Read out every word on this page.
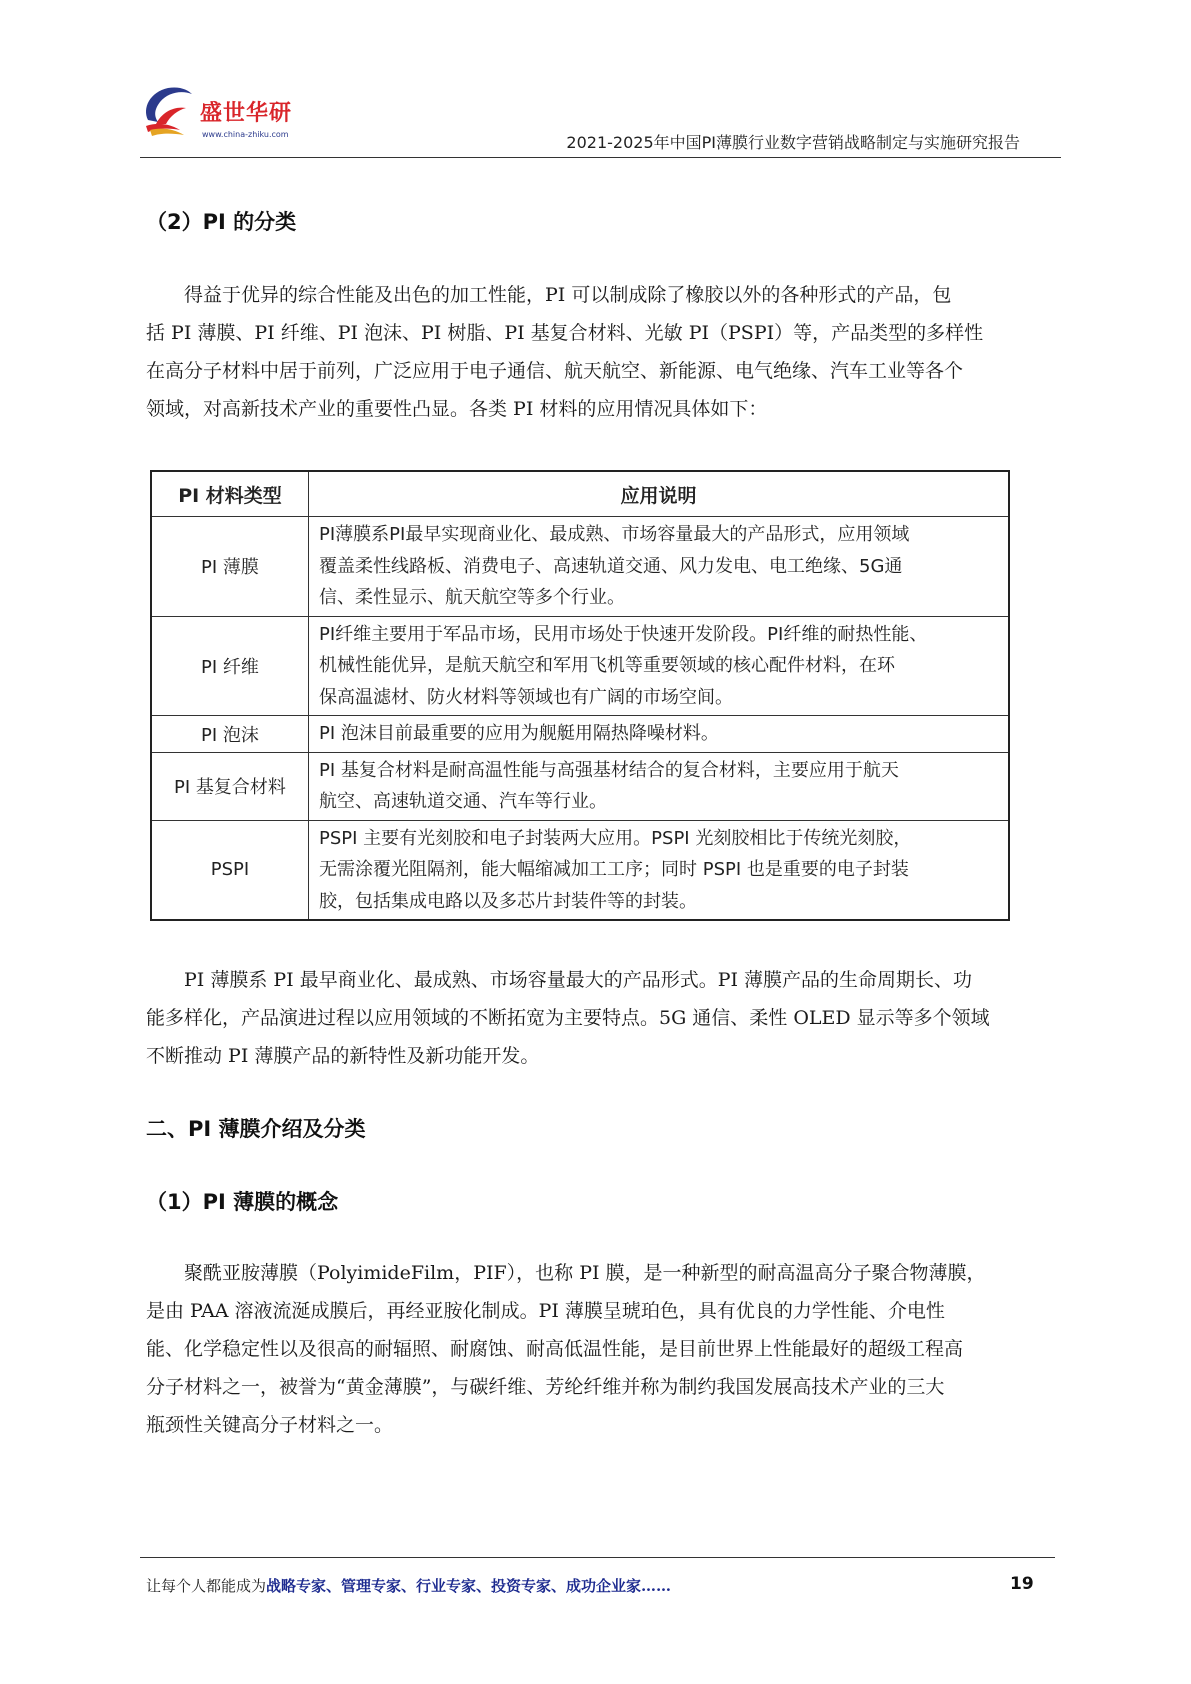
盛世华研
www.china-zhiku.com	2021-2025年中国PI薄膜行业数字营销战略制定与实施研究报告
（2）PI 的分类
得益于优异的综合性能及出色的加工性能，PI 可以制成除了橡胶以外的各种形式的产品，包
括 PI 薄膜、PI 纤维、PI 泡沫、PI 树脂、PI 基复合材料、光敏 PI（PSPI）等，产品类型的多样性
在高分子材料中居于前列，广泛应用于电子通信、航天航空、新能源、电气绝缘、汽车工业等各个
领域，对高新技术产业的重要性凸显。各类 PI 材料的应用情况具体如下：
PI 材料类型	应用说明
PI 薄膜	PI薄膜系PI最早实现商业化、最成熟、市场容量最大的产品形式，应用领域
覆盖柔性线路板、消费电子、高速轨道交通、风力发电、电工绝缘、5G通
信、柔性显示、航天航空等多个行业。

PI 纤维	PI纤维主要用于军品市场，民用市场处于快速开发阶段。PI纤维的耐热性能、
机械性能优异，是航天航空和军用飞机等重要领域的核心配件材料，在环
保高温滤材、防火材料等领域也有广阔的市场空间。

PI 泡沫	PI 泡沫目前最重要的应用为舰艇用隔热降噪材料。

PI 基复合材料	PI 基复合材料是耐高温性能与高强基材结合的复合材料，主要应用于航天
航空、高速轨道交通、汽车等行业。

PSPI	PSPI 主要有光刻胶和电子封装两大应用。PSPI 光刻胶相比于传统光刻胶，
无需涂覆光阻隔剂，能大幅缩减加工工序；同时 PSPI 也是重要的电子封装
胶，包括集成电路以及多芯片封装件等的封装。
PI 薄膜系 PI 最早商业化、最成熟、市场容量最大的产品形式。PI 薄膜产品的生命周期长、功
能多样化，产品演进过程以应用领域的不断拓宽为主要特点。5G 通信、柔性 OLED 显示等多个领域
不断推动 PI 薄膜产品的新特性及新功能开发。
二、PI 薄膜介绍及分类
（1）PI 薄膜的概念
聚酰亚胺薄膜（PolyimideFilm，PIF），也称 PI 膜，是一种新型的耐高温高分子聚合物薄膜，
是由 PAA 溶液流涎成膜后，再经亚胺化制成。PI 薄膜呈琥珀色，具有优良的力学性能、介电性
能、化学稳定性以及很高的耐辐照、耐腐蚀、耐高低温性能，是目前世界上性能最好的超级工程高
分子材料之一，被誉为“黄金薄膜”，与碳纤维、芳纶纤维并称为制约我国发展高技术产业的三大
瓶颈性关键高分子材料之一。
让每个人都能成为战略专家、管理专家、行业专家、投资专家、成功企业家……	19
